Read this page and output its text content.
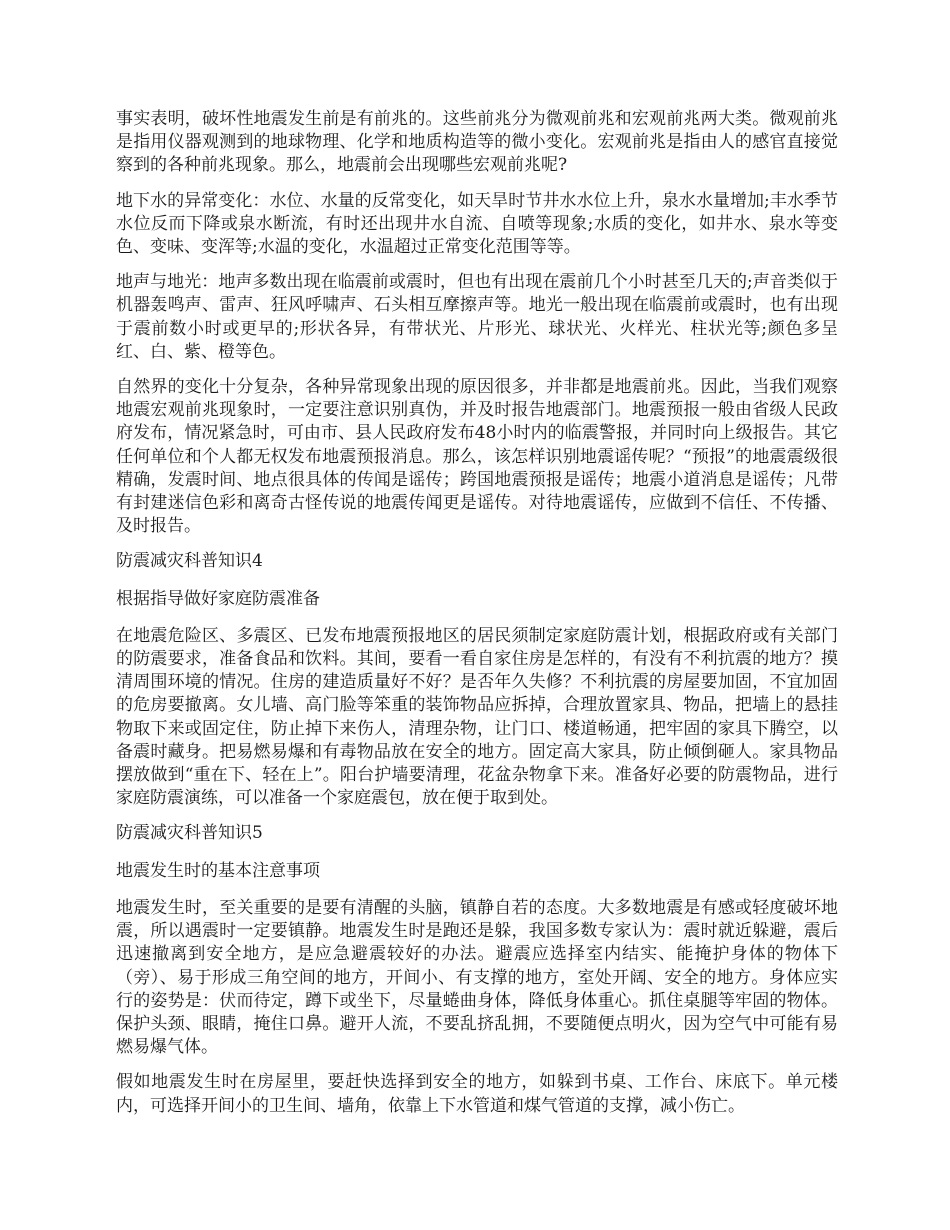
事实表明，破坏性地震发生前是有前兆的。这些前兆分为微观前兆和宏观前兆两大类。微观前兆是指用仪器观测到的地球物理、化学和地质构造等的微小变化。宏观前兆是指由人的感官直接觉察到的各种前兆现象。那么，地震前会出现哪些宏观前兆呢?

地下水的异常变化：水位、水量的反常变化，如天旱时节井水水位上升，泉水水量增加;丰水季节水位反而下降或泉水断流，有时还出现井水自流、自喷等现象;水质的变化，如井水、泉水等变色、变味、变浑等;水温的变化，水温超过正常变化范围等等。

地声与地光：地声多数出现在临震前或震时，但也有出现在震前几个小时甚至几天的;声音类似于机器轰鸣声、雷声、狂风呼啸声、石头相互摩擦声等。地光一般出现在临震前或震时，也有出现于震前数小时或更早的;形状各异，有带状光、片形光、球状光、火样光、柱状光等;颜色多呈红、白、紫、橙等色。

自然界的变化十分复杂，各种异常现象出现的原因很多，并非都是地震前兆。因此，当我们观察地震宏观前兆现象时，一定要注意识别真伪，并及时报告地震部门。地震预报一般由省级人民政府发布，情况紧急时，可由市、县人民政府发布48小时内的临震警报，并同时向上级报告。其它任何单位和个人都无权发布地震预报消息。那么，该怎样识别地震谣传呢？“预报”的地震震级很精确，发震时间、地点很具体的传闻是谣传；跨国地震预报是谣传；地震小道消息是谣传；凡带有封建迷信色彩和离奇古怪传说的地震传闻更是谣传。对待地震谣传，应做到不信任、不传播、及时报告。

防震减灾科普知识4

根据指导做好家庭防震准备

在地震危险区、多震区、已发布地震预报地区的居民须制定家庭防震计划，根据政府或有关部门的防震要求，准备食品和饮料。其间，要看一看自家住房是怎样的，有没有不利抗震的地方？摸清周围环境的情况。住房的建造质量好不好？是否年久失修？不利抗震的房屋要加固，不宜加固的危房要撤离。女儿墙、高门脸等笨重的装饰物品应拆掉，合理放置家具、物品，把墙上的悬挂物取下来或固定住，防止掉下来伤人，清理杂物，让门口、楼道畅通，把牢固的家具下腾空，以备震时藏身。把易燃易爆和有毒物品放在安全的地方。固定高大家具，防止倾倒砸人。家具物品摆放做到“重在下、轻在上”。阳台护墙要清理，花盆杂物拿下来。准备好必要的防震物品，进行家庭防震演练，可以准备一个家庭震包，放在便于取到处。

防震减灾科普知识5

地震发生时的基本注意事项

地震发生时，至关重要的是要有清醒的头脑，镇静自若的态度。大多数地震是有感或轻度破坏地震，所以遇震时一定要镇静。地震发生时是跑还是躲，我国多数专家认为：震时就近躲避，震后迅速撤离到安全地方，是应急避震较好的办法。避震应选择室内结实、能掩护身体的物体下（旁）、易于形成三角空间的地方，开间小、有支撑的地方，室处开阔、安全的地方。身体应实行的姿势是：伏而待定，蹲下或坐下，尽量蜷曲身体，降低身体重心。抓住桌腿等牢固的物体。保护头颈、眼睛，掩住口鼻。避开人流，不要乱挤乱拥，不要随便点明火，因为空气中可能有易燃易爆气体。

假如地震发生时在房屋里，要赶快选择到安全的地方，如躲到书桌、工作台、床底下。单元楼内，可选择开间小的卫生间、墙角，依靠上下水管道和煤气管道的支撑，减小伤亡。
